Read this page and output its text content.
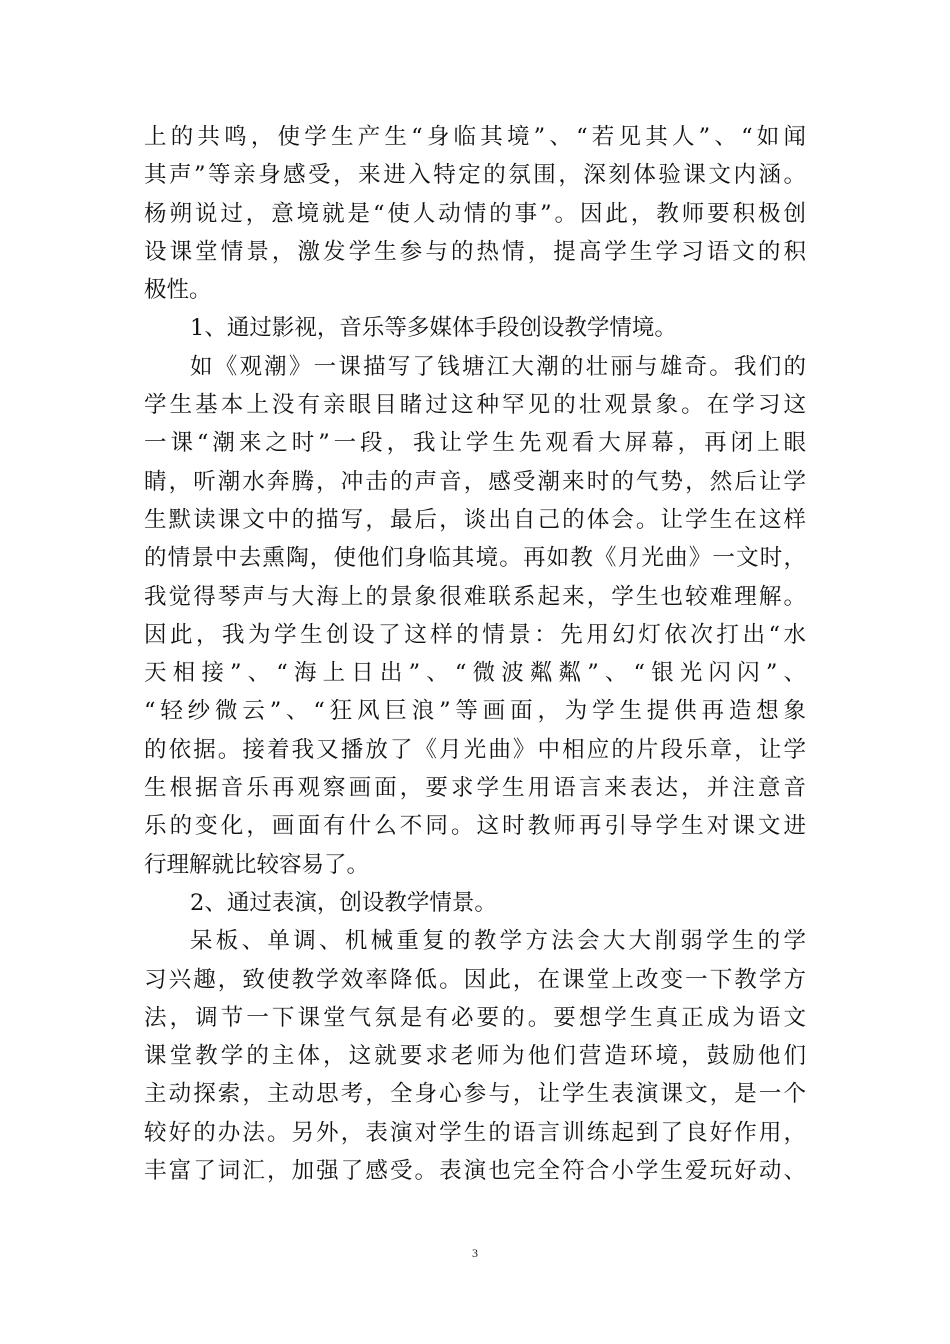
上的共鸣，使学生产生“身临其境”、“若见其人”、“如闻
其声”等亲身感受，来进入特定的氛围，深刻体验课文内涵。
杨朔说过，意境就是“使人动情的事”。因此，教师要积极创
设课堂情景，激发学生参与的热情，提高学生学习语文的积
极性。
1、通过影视，音乐等多媒体手段创设教学情境。
如《观潮》一课描写了钱塘江大潮的壮丽与雄奇。我们的
学生基本上没有亲眼目睹过这种罕见的壮观景象。在学习这
一课“潮来之时”一段，我让学生先观看大屏幕，再闭上眼
睛，听潮水奔腾，冲击的声音，感受潮来时的气势，然后让学
生默读课文中的描写，最后，谈出自己的体会。让学生在这样
的情景中去熏陶，使他们身临其境。再如教《月光曲》一文时，
我觉得琴声与大海上的景象很难联系起来，学生也较难理解。
因此，我为学生创设了这样的情景：先用幻灯依次打出“水
天相接”、“海上日出”、“微波粼粼”、“银光闪闪”、
“轻纱微云”、“狂风巨浪”等画面，为学生提供再造想象
的依据。接着我又播放了《月光曲》中相应的片段乐章，让学
生根据音乐再观察画面，要求学生用语言来表达，并注意音
乐的变化，画面有什么不同。这时教师再引导学生对课文进
行理解就比较容易了。
2、通过表演，创设教学情景。
呆板、单调、机械重复的教学方法会大大削弱学生的学
习兴趣，致使教学效率降低。因此，在课堂上改变一下教学方
法，调节一下课堂气氛是有必要的。要想学生真正成为语文
课堂教学的主体，这就要求老师为他们营造环境，鼓励他们
主动探索，主动思考，全身心参与，让学生表演课文，是一个
较好的办法。另外，表演对学生的语言训练起到了良好作用，
丰富了词汇，加强了感受。表演也完全符合小学生爱玩好动、
3
